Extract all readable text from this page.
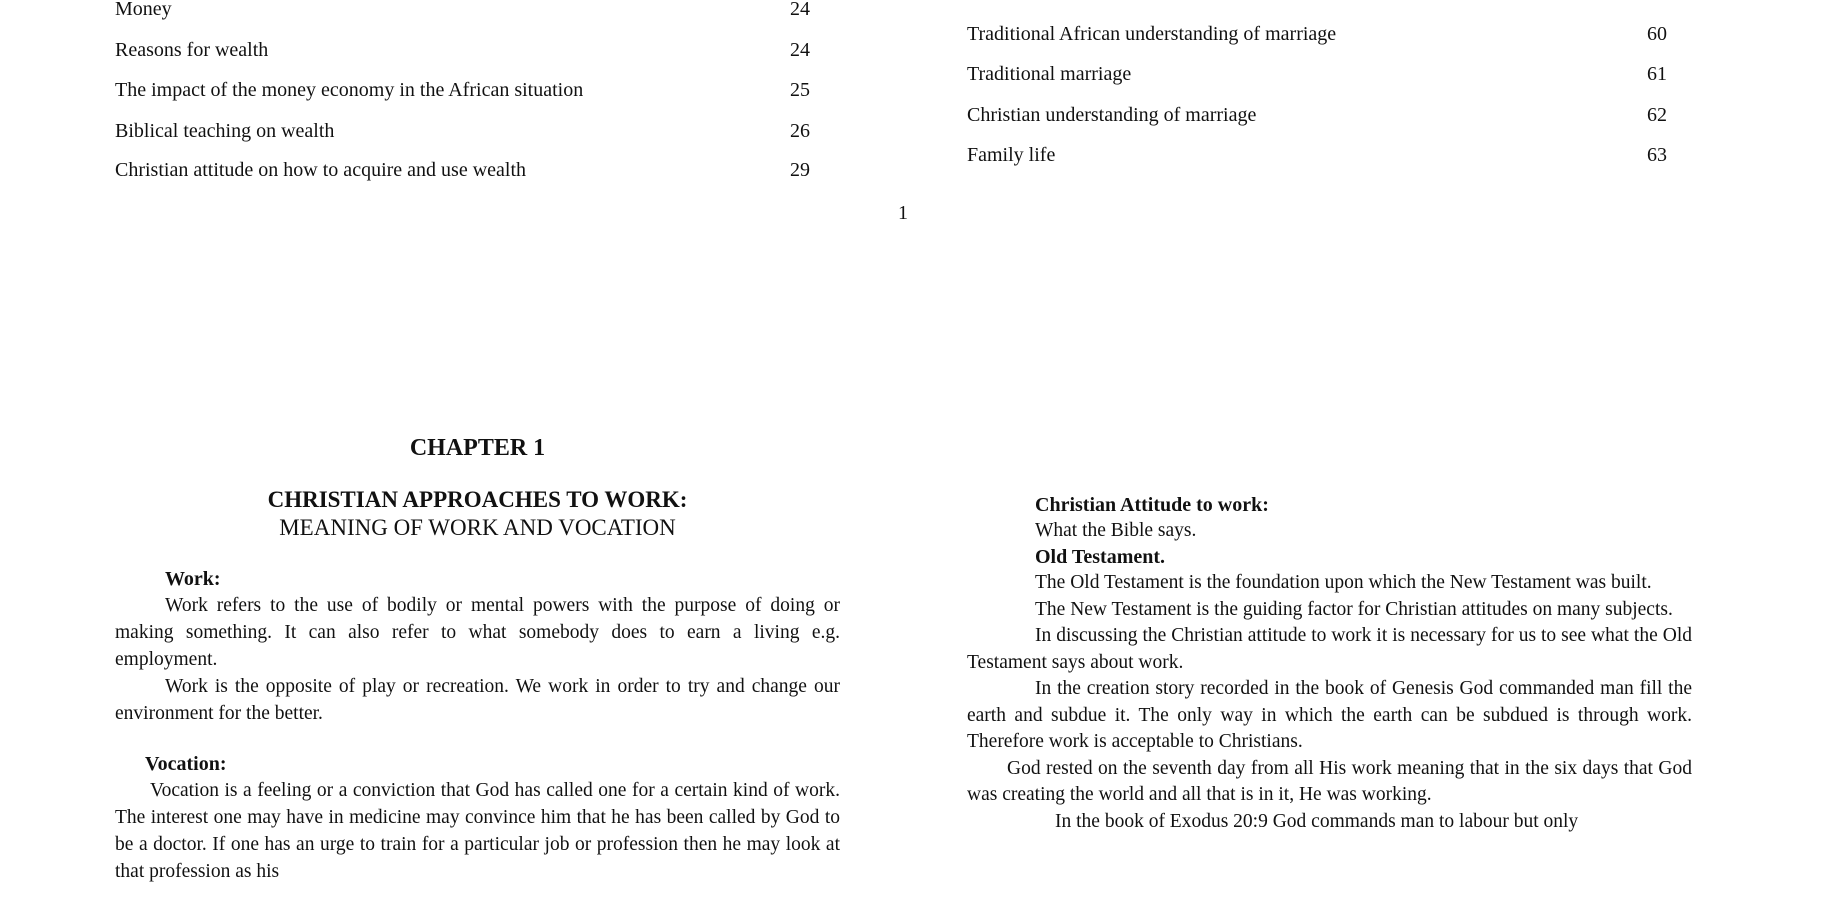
Money	24
Reasons for wealth	24
The impact of the money economy in the African situation	25
Biblical teaching on wealth	26
Christian attitude on how to acquire and use wealth	29
Traditional African understanding of marriage	60
Traditional marriage	61
Christian understanding of marriage	62
Family life	63
1
CHAPTER 1
CHRISTIAN APPROACHES TO WORK:
MEANING OF WORK AND VOCATION
Work:

Work refers to the use of bodily or mental powers with the purpose of doing or making something. It can also refer to what somebody does to earn a living e.g. employment.

Work is the opposite of play or recreation. We work in order to try and change our environment for the better.

Vocation:

Vocation is a feeling or a conviction that God has called one for a certain kind of work. The interest one may have in medicine may convince him that he has been called by God to be a doctor. If one has an urge to train for a particular job or profession then he may look at that profession as his

Christian Attitude to work:
What the Bible says.
Old Testament.

The Old Testament is the foundation upon which the New Testament was built.

The New Testament is the guiding factor for Christian attitudes on many subjects.

In discussing the Christian attitude to work it is necessary for us to see what the Old Testament says about work.

In the creation story recorded in the book of Genesis God commanded man fill the earth and subdue it. The only way in which the earth can be subdued is through work. Therefore work is acceptable to Christians.

God rested on the seventh day from all His work meaning that in the six days that God was creating the world and all that is in it, He was working.

In the book of Exodus 20:9 God commands man to labour but only
